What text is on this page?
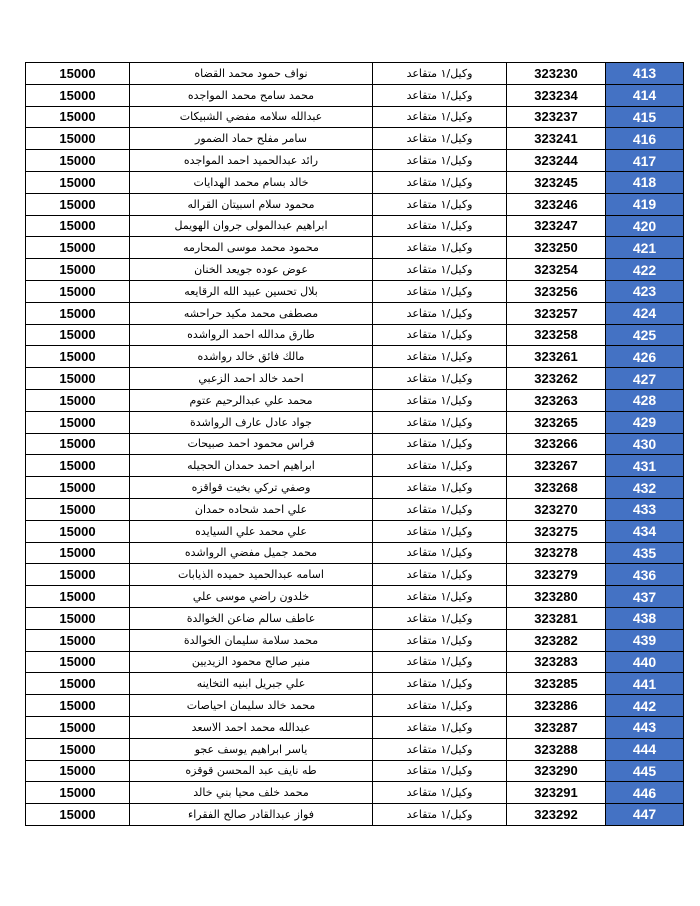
15000	نواف حمود محمد القضاه	وكيل/١ متقاعد	323230	413
15000	محمد سامح محمد المواجده	وكيل/١ متقاعد	323234	414
15000	عبدالله سلامه مفضي الشبيكات	وكيل/١ متقاعد	323237	415
15000	سامر مفلح حماد الضمور	وكيل/١ متقاعد	323241	416
15000	رائد عبدالحميد احمد المواجده	وكيل/١ متقاعد	323244	417
15000	خالد بسام محمد الهدايات	وكيل/١ متقاعد	323245	418
15000	محمود سلام اسبيتان القراله	وكيل/١ متقاعد	323246	419
15000	ابراهيم عبدالمولى جروان الهويمل	وكيل/١ متقاعد	323247	420
15000	محمود محمد موسى المحارمه	وكيل/١ متقاعد	323250	421
15000	عوض عوده جويعد الخنان	وكيل/١ متقاعد	323254	422
15000	بلال تحسين عبيد الله الرقايعه	وكيل/١ متقاعد	323256	423
15000	مصطفى محمد مكيد حراحشه	وكيل/١ متقاعد	323257	424
15000	طارق مدالله احمد الرواشده	وكيل/١ متقاعد	323258	425
15000	مالك فائق خالد رواشده	وكيل/١ متقاعد	323261	426
15000	احمد خالد احمد الزعبي	وكيل/١ متقاعد	323262	427
15000	محمد علي عبدالرحيم عتوم	وكيل/١ متقاعد	323263	428
15000	جواد عادل عارف الرواشدة	وكيل/١ متقاعد	323265	429
15000	فراس محمود احمد صبيحات	وكيل/١ متقاعد	323266	430
15000	ابراهيم احمد حمدان الحجيله	وكيل/١ متقاعد	323267	431
15000	وصفي تركي بخيت قواقزه	وكيل/١ متقاعد	323268	432
15000	علي احمد شحاده حمدان	وكيل/١ متقاعد	323270	433
15000	علي محمد علي السيايده	وكيل/١ متقاعد	323275	434
15000	محمد جميل مفضي الرواشده	وكيل/١ متقاعد	323278	435
15000	اسامه عبدالحميد حميده الذيابات	وكيل/١ متقاعد	323279	436
15000	خلدون راضي موسى علي	وكيل/١ متقاعد	323280	437
15000	عاطف سالم ضاعن الخوالدة	وكيل/١ متقاعد	323281	438
15000	محمد سلامة سليمان الخوالدة	وكيل/١ متقاعد	323282	439
15000	منير صالح محمود الزيديين	وكيل/١ متقاعد	323283	440
15000	علي جبريل ابنيه التخاينه	وكيل/١ متقاعد	323285	441
15000	محمد خالد سليمان احياصات	وكيل/١ متقاعد	323286	442
15000	عبدالله محمد احمد الاسعد	وكيل/١ متقاعد	323287	443
15000	ياسر ابراهيم يوسف عجو	وكيل/١ متقاعد	323288	444
15000	طه نايف عبد المحسن قوقزه	وكيل/١ متقاعد	323290	445
15000	محمد خلف محيا بني خالد	وكيل/١ متقاعد	323291	446
15000	فواز عبدالقادر صالح الفقراء	وكيل/١ متقاعد	323292	447
